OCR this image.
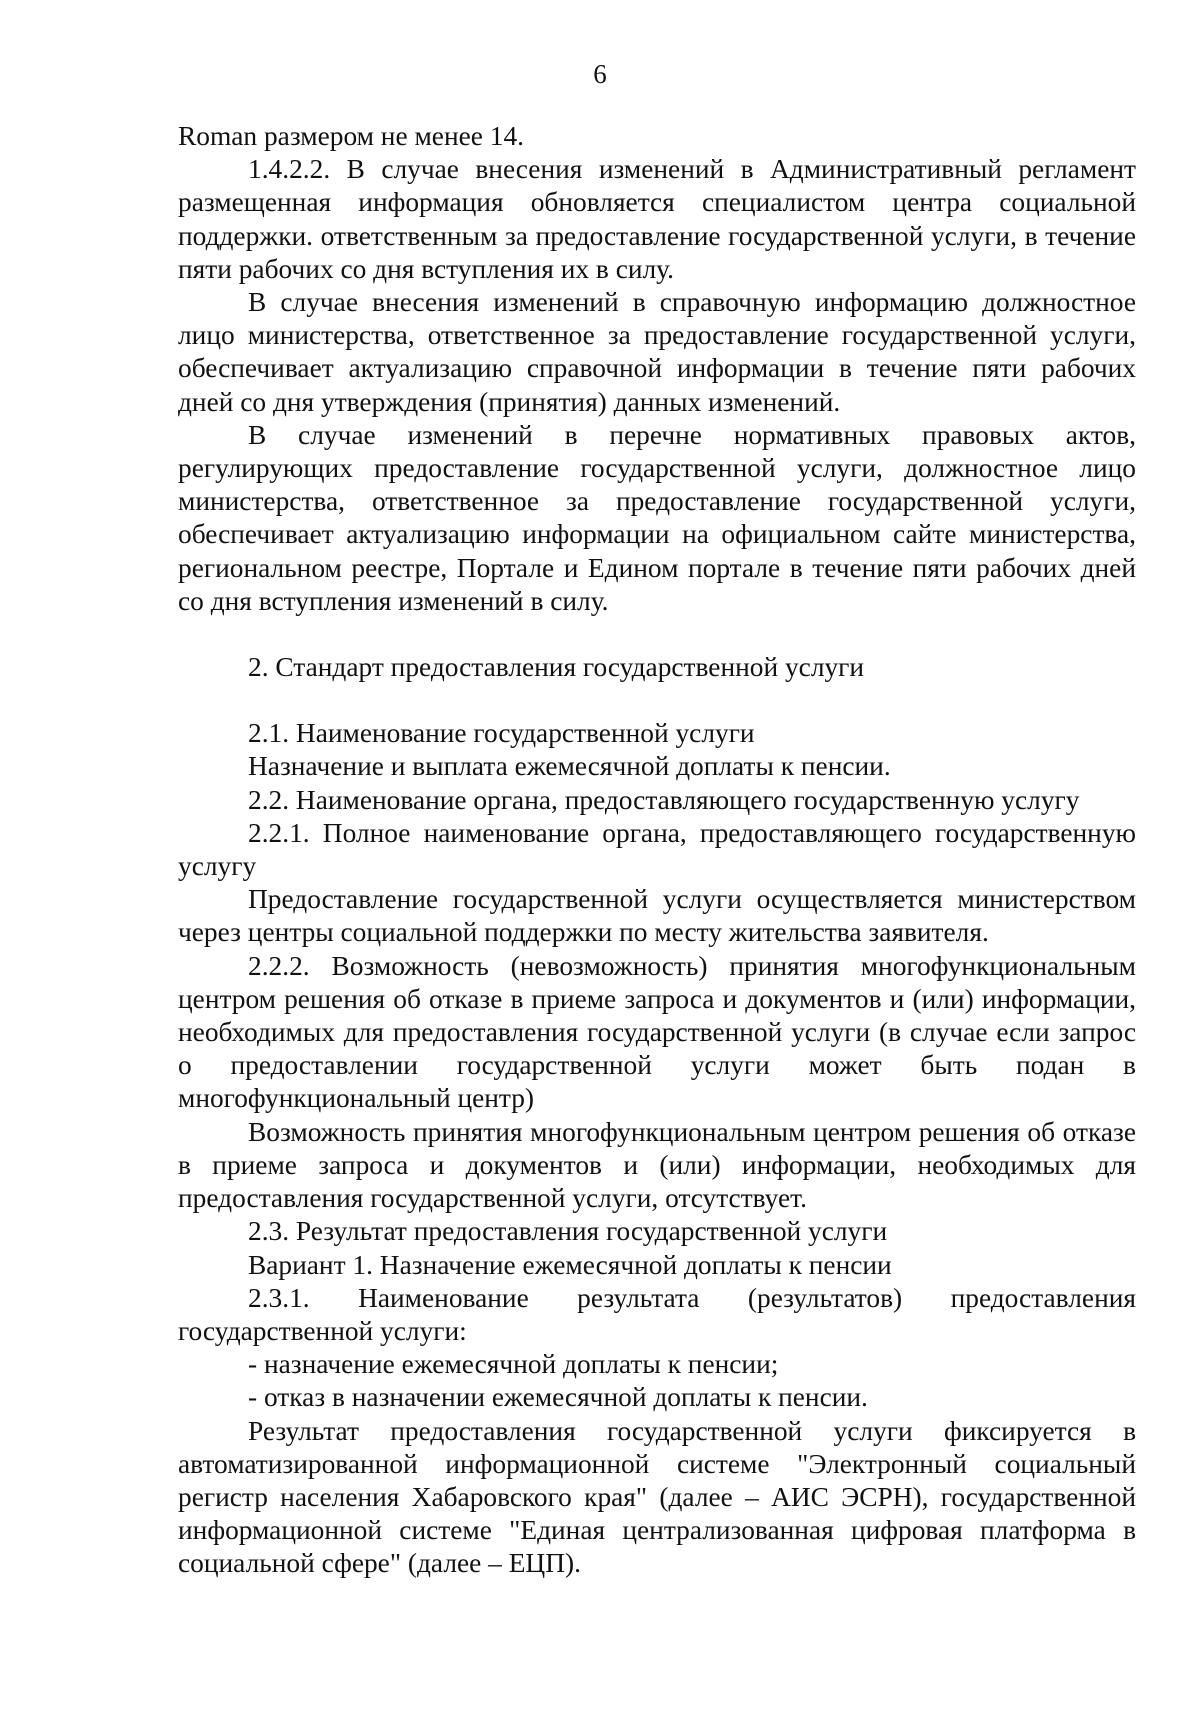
6

Roman размером не менее 14.

1.4.2.2. В случае внесения изменений в Административный регламент размещенная информация обновляется специалистом центра социальной поддержки. ответственным за предоставление государственной услуги, в течение пяти рабочих со дня вступления их в силу.

В случае внесения изменений в справочную информацию должностное лицо министерства, ответственное за предоставление государственной услуги, обеспечивает актуализацию справочной информации в течение пяти рабочих дней со дня утверждения (принятия) данных изменений.

В случае изменений в перечне нормативных правовых актов, регулирующих предоставление государственной услуги, должностное лицо министерства, ответственное за предоставление государственной услуги, обеспечивает актуализацию информации на официальном сайте министерства, региональном реестре, Портале и Едином портале в течение пяти рабочих дней со дня вступления изменений в силу.

2. Стандарт предоставления государственной услуги

2.1. Наименование государственной услуги

Назначение и выплата ежемесячной доплаты к пенсии.

2.2. Наименование органа, предоставляющего государственную услугу

2.2.1. Полное наименование органа, предоставляющего государственную услугу

Предоставление государственной услуги осуществляется министерством через центры социальной поддержки по месту жительства заявителя.

2.2.2. Возможность (невозможность) принятия многофункциональным центром решения об отказе в приеме запроса и документов и (или) информации, необходимых для предоставления государственной услуги (в случае если запрос о предоставлении государственной услуги может быть подан в многофункциональный центр)

Возможность принятия многофункциональным центром решения об отказе в приеме запроса и документов и (или) информации, необходимых для предоставления государственной услуги, отсутствует.

2.3. Результат предоставления государственной услуги

Вариант 1. Назначение ежемесячной доплаты к пенсии

2.3.1. Наименование результата (результатов) предоставления государственной услуги:

- назначение ежемесячной доплаты к пенсии;

- отказ в назначении ежемесячной доплаты к пенсии.

Результат предоставления государственной услуги фиксируется в автоматизированной информационной системе "Электронный социальный регистр населения Хабаровского края" (далее – АИС ЭСРН), государственной информационной системе "Единая централизованная цифровая платформа в социальной сфере" (далее – ЕЦП).
